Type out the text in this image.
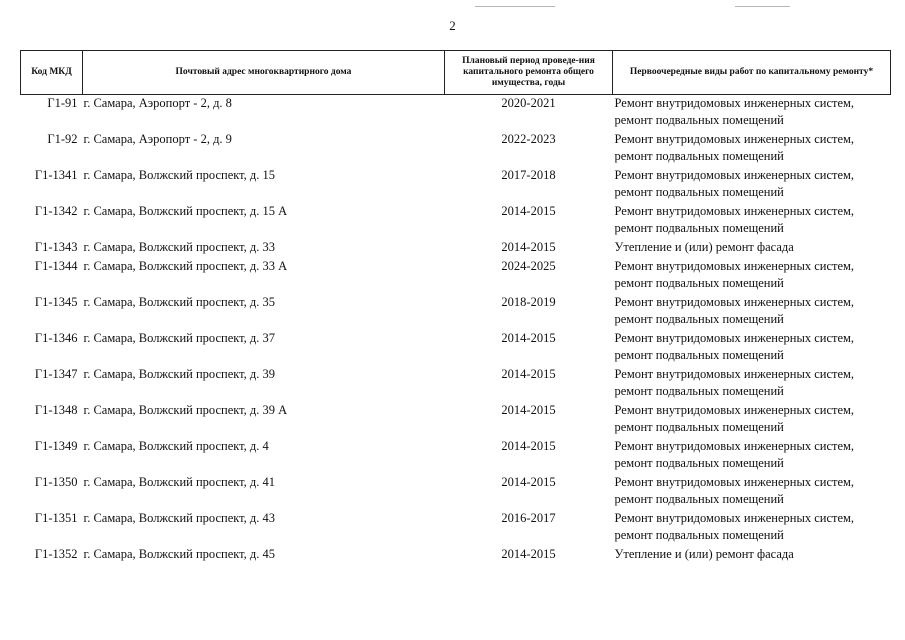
2
Код МКД	Почтовый адрес многоквартирного дома	Плановый период проведе-ния капитального ремонта общего имущества, годы	Первоочередные виды работ по капитальному ремонту*
Г1-91	г. Самара, Аэропорт - 2, д. 8	2020-2021	Ремонт внутридомовых инженерных систем,
ремонт подвальных помещений

Г1-92	г. Самара, Аэропорт - 2, д. 9	2022-2023	Ремонт внутридомовых инженерных систем,
ремонт подвальных помещений

Г1-1341	г. Самара, Волжский проспект, д. 15	2017-2018	Ремонт внутридомовых инженерных систем,
ремонт подвальных помещений

Г1-1342	г. Самара, Волжский проспект, д. 15 А	2014-2015	Ремонт внутридомовых инженерных систем,
ремонт подвальных помещений

Г1-1343	г. Самара, Волжский проспект, д. 33	2014-2015	Утепление и (или) ремонт фасада

Г1-1344	г. Самара, Волжский проспект, д. 33 А	2024-2025	Ремонт внутридомовых инженерных систем,
ремонт подвальных помещений

Г1-1345	г. Самара, Волжский проспект, д. 35	2018-2019	Ремонт внутридомовых инженерных систем,
ремонт подвальных помещений

Г1-1346	г. Самара, Волжский проспект, д. 37	2014-2015	Ремонт внутридомовых инженерных систем,
ремонт подвальных помещений

Г1-1347	г. Самара, Волжский проспект, д. 39	2014-2015	Ремонт внутридомовых инженерных систем,
ремонт подвальных помещений

Г1-1348	г. Самара, Волжский проспект, д. 39 А	2014-2015	Ремонт внутридомовых инженерных систем,
ремонт подвальных помещений

Г1-1349	г. Самара, Волжский проспект, д. 4	2014-2015	Ремонт внутридомовых инженерных систем,
ремонт подвальных помещений

Г1-1350	г. Самара, Волжский проспект, д. 41	2014-2015	Ремонт внутридомовых инженерных систем,
ремонт подвальных помещений

Г1-1351	г. Самара, Волжский проспект, д. 43	2016-2017	Ремонт внутридомовых инженерных систем,
ремонт подвальных помещений

Г1-1352	г. Самара, Волжский проспект, д. 45	2014-2015	Утепление и (или) ремонт фасада
